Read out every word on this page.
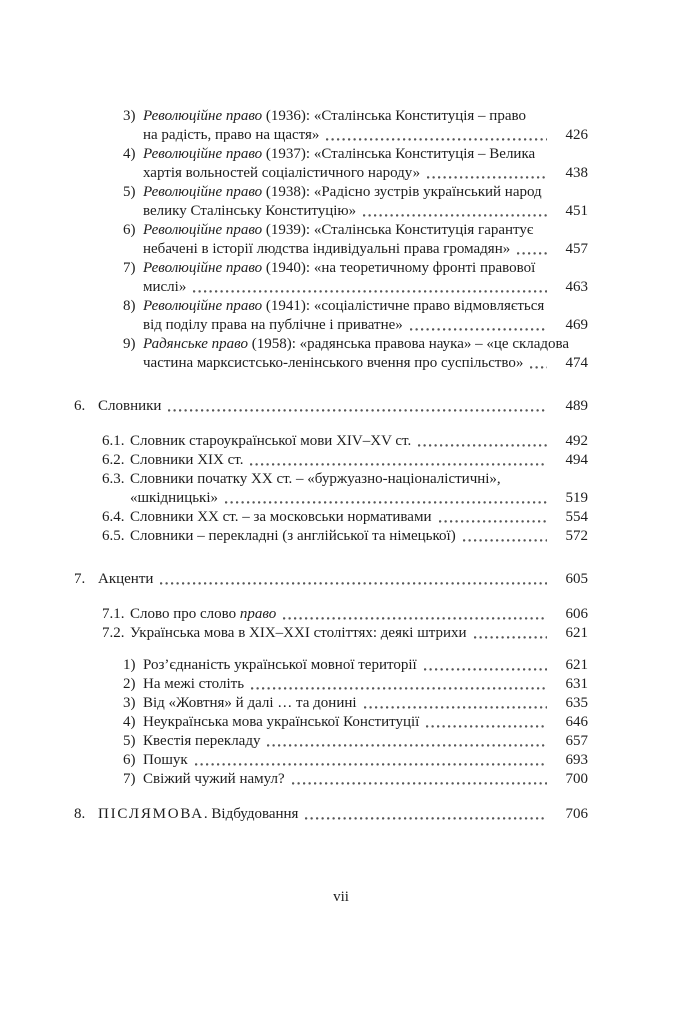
3) Революційне право (1936): «Сталінська Конституція – право
на радість, право на щастя»	426
4) Революційне право (1937): «Сталінська Конституція – Велика
хартія вольностей соціалістичного народу»	438
5) Революційне право (1938): «Радісно зустрів український народ
велику Сталінську Конституцію»	451
6) Революційне право (1939): «Сталінська Конституція гарантує
небачені в історії людства індивідуальні права громадян»	457
7) Революційне право (1940): «на теоретичному фронті правової
мислі»	463
8) Революційне право (1941): «соціалістичне право відмовляється
від поділу права на публічне і приватне»	469
9) Радянське право (1958): «радянська правова наука» – «це складова
частина марксистсько-ленінського вчення про суспільство»	474
6. Словники	489
6.1. Словник староукраїнської мови XIV–XV ст.	492
6.2. Словники XIX ст.	494
6.3. Словники початку XX ст. – «буржуазно-націоналістичні»,
«шкідницькі»	519
6.4. Словники XX ст. – за московськи нормативами	554
6.5. Словники – перекладні (з англійської та німецької)	572
7. Акценти	605
7.1. Слово про слово право	606
7.2. Українська мова в XIX–XXI століттях: деякі штрихи	621
1) Роз’єднаність української мовної території	621
2) На межі століть	631
3) Від «Жовтня» й далі … та донині	635
4) Неукраїнська мова української Конституції	646
5) Квестія перекладу	657
6) Пошук	693
7) Свіжий чужий намул?	700
8. ПІСЛЯМОВА. Відбудовання	706
vii
